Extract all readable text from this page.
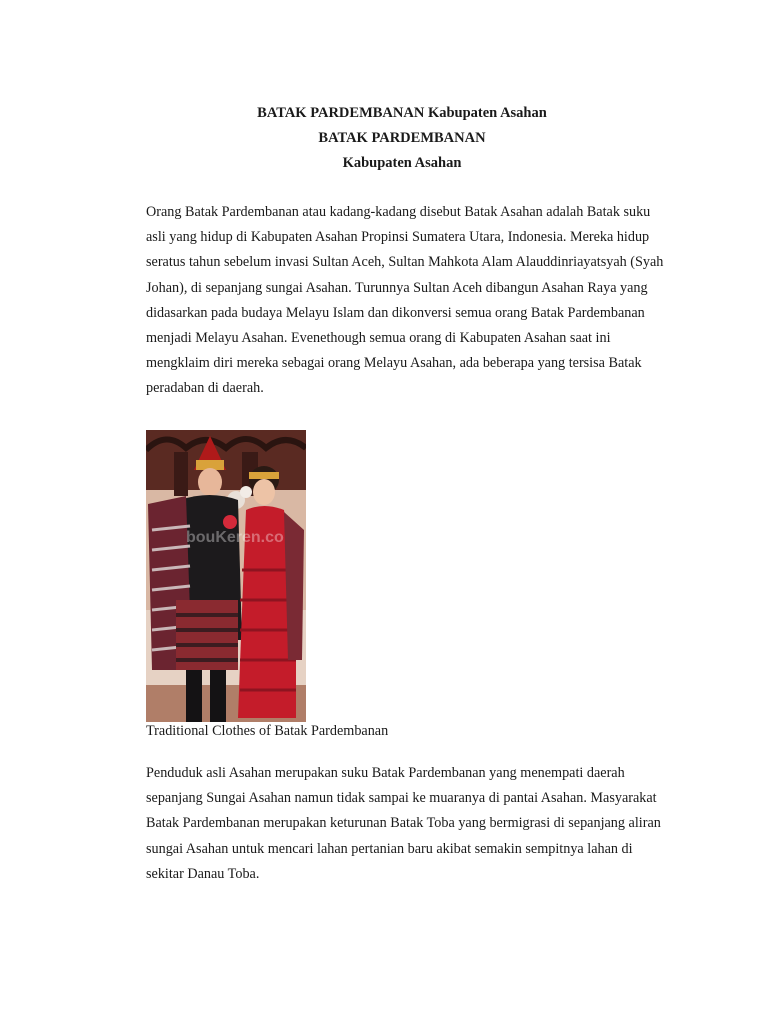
BATAK PARDEMBANAN Kabupaten Asahan
BATAK PARDEMBANAN
Kabupaten Asahan

Orang Batak Pardembanan atau kadang-kadang disebut Batak Asahan adalah Batak suku asli yang hidup di Kabupaten Asahan Propinsi Sumatera Utara, Indonesia. Mereka hidup seratus tahun sebelum invasi Sultan Aceh, Sultan Mahkota Alam Alauddinriayatsyah (Syah Johan), di sepanjang sungai Asahan. Turunnya Sultan Aceh dibangun Asahan Raya yang didasarkan pada budaya Melayu Islam dan dikonversi semua orang Batak Pardembanan menjadi Melayu Asahan. Evenethough semua orang di Kabupaten Asahan saat ini mengklaim diri mereka sebagai orang Melayu Asahan, ada beberapa yang tersisa Batak peradaban di daerah.

bouKeren.co

Traditional Clothes of Batak Pardembanan

Penduduk asli Asahan merupakan suku Batak Pardembanan yang menempati daerah sepanjang Sungai Asahan namun tidak sampai ke muaranya di pantai Asahan. Masyarakat Batak Pardembanan merupakan keturunan Batak Toba yang bermigrasi di sepanjang aliran sungai Asahan untuk mencari lahan pertanian baru akibat semakin sempitnya lahan di sekitar Danau Toba.
